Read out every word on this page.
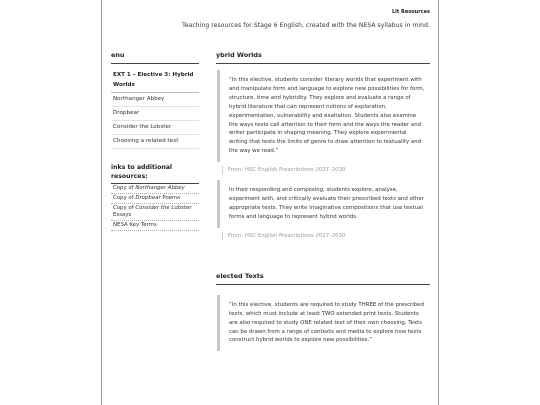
Lit Resources
Teaching resources for Stage 6 English, created with the NESA syllabus in mind.
enu
EXT 1 – Elective 3: Hybrid Worlds
Northanger Abbey
Dropbear
Consider the Lobster
Choosing a related text
inks to additional resources:
Copy of Northanger Abbey
Copy of Dropbear Poems
Copy of Consider the Lobster Essays
NESA Key Terms
ybrid Worlds
“In this elective, students consider literary worlds that experiment with and manipulate form and language to explore new possibilities for form, structure, time and hybridity. They explore and evaluate a range of hybrid literature that can represent notions of exploration, experimentation, vulnerability and exaltation. Students also examine the ways texts call attention to their form and the ways the reader and writer participate in shaping meaning. They explore experimental writing that tests the limits of genre to draw attention to textuality and the way we read.”
From: HSC English Prescriptions 2027–2030
In their responding and composing, students explore, analyse, experiment with, and critically evaluate their prescribed texts and other appropriate texts. They write imaginative compositions that use textual forms and language to represent hybrid worlds.
From: HSC English Prescriptions 2027–2030
elected Texts
“In this elective, students are required to study THREE of the prescribed texts, which must include at least TWO extended print texts. Students are also required to study ONE related text of their own choosing. Texts can be drawn from a range of contexts and media to explore how texts construct hybrid worlds to explore new possibilities.”
